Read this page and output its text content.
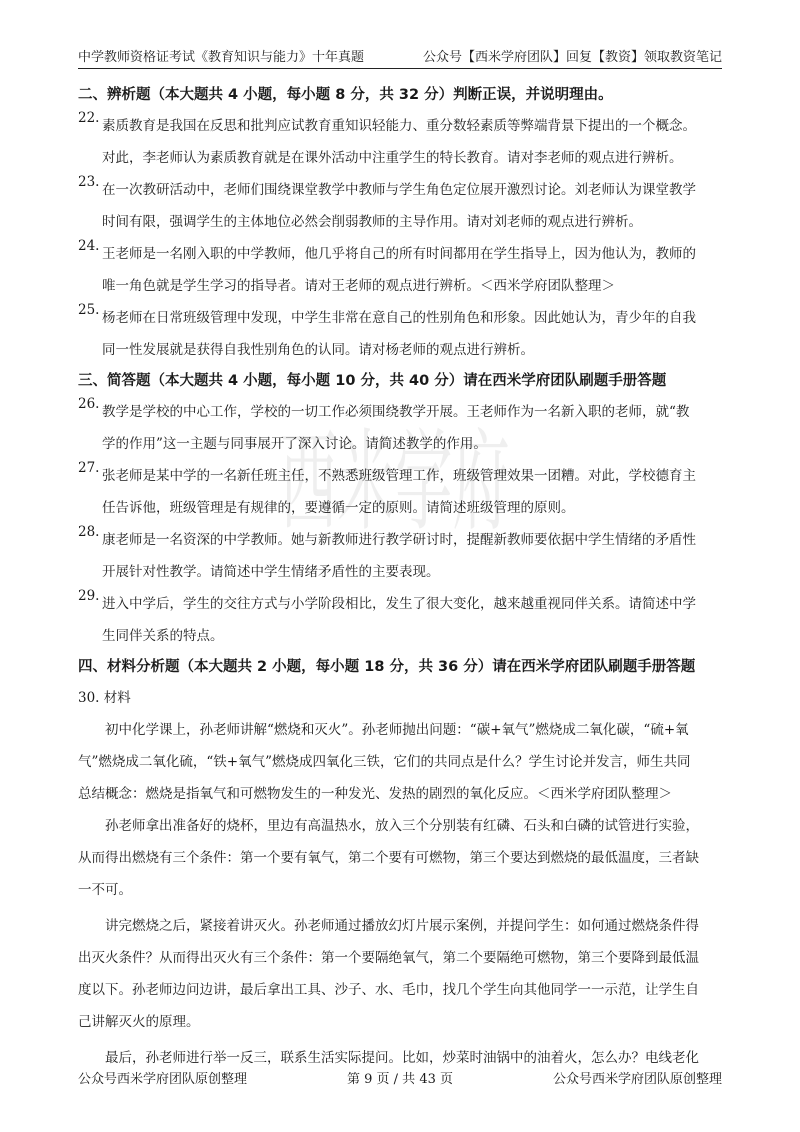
中学教师资格证考试《教育知识与能力》十年真题	公众号【西米学府团队】回复【教资】领取教资笔记
西米学府
二、辨析题（本大题共 4 小题，每小题 8 分，共 32 分）判断正误，并说明理由。
22. 素质教育是我国在反思和批判应试教育重知识轻能力、重分数轻素质等弊端背景下提出的一个概念。
对此，李老师认为素质教育就是在课外活动中注重学生的特长教育。请对李老师的观点进行辨析。
23. 在一次教研活动中，老师们围绕课堂教学中教师与学生角色定位展开激烈讨论。刘老师认为课堂教学
时间有限，强调学生的主体地位必然会削弱教师的主导作用。请对刘老师的观点进行辨析。
24. 王老师是一名刚入职的中学教师，他几乎将自己的所有时间都用在学生指导上，因为他认为，教师的
唯一角色就是学生学习的指导者。请对王老师的观点进行辨析。＜西米学府团队整理＞
25. 杨老师在日常班级管理中发现，中学生非常在意自己的性别角色和形象。因此她认为，青少年的自我
同一性发展就是获得自我性别角色的认同。请对杨老师的观点进行辨析。
三、简答题（本大题共 4 小题，每小题 10 分，共 40 分）请在西米学府团队刷题手册答题
26. 教学是学校的中心工作，学校的一切工作必须围绕教学开展。王老师作为一名新入职的老师，就“教
学的作用”这一主题与同事展开了深入讨论。请简述教学的作用。
27. 张老师是某中学的一名新任班主任，不熟悉班级管理工作，班级管理效果一团糟。对此，学校德育主
任告诉他，班级管理是有规律的，要遵循一定的原则。请简述班级管理的原则。
28. 康老师是一名资深的中学教师。她与新教师进行教学研讨时，提醒新教师要依据中学生情绪的矛盾性
开展针对性教学。请简述中学生情绪矛盾性的主要表现。
29. 进入中学后，学生的交往方式与小学阶段相比，发生了很大变化，越来越重视同伴关系。请简述中学
生同伴关系的特点。
四、材料分析题（本大题共 2 小题，每小题 18 分，共 36 分）请在西米学府团队刷题手册答题
30. 材料
初中化学课上，孙老师讲解“燃烧和灭火”。孙老师抛出问题：“碳+氧气”燃烧成二氧化碳，“硫+氧
气”燃烧成二氧化硫，“铁+氧气”燃烧成四氧化三铁，它们的共同点是什么？学生讨论并发言，师生共同
总结概念：燃烧是指氧气和可燃物发生的一种发光、发热的剧烈的氧化反应。＜西米学府团队整理＞
孙老师拿出准备好的烧杯，里边有高温热水，放入三个分别装有红磷、石头和白磷的试管进行实验，
从而得出燃烧有三个条件：第一个要有氧气，第二个要有可燃物，第三个要达到燃烧的最低温度，三者缺
一不可。
讲完燃烧之后，紧接着讲灭火。孙老师通过播放幻灯片展示案例，并提问学生：如何通过燃烧条件得
出灭火条件？从而得出灭火有三个条件：第一个要隔绝氧气，第二个要隔绝可燃物，第三个要降到最低温
度以下。孙老师边问边讲，最后拿出工具、沙子、水、毛巾，找几个学生向其他同学一一示范，让学生自
己讲解灭火的原理。
最后，孙老师进行举一反三，联系生活实际提问。比如，炒菜时油锅中的油着火，怎么办？电线老化
公众号西米学府团队原创整理	第 9 页 / 共 43 页	公众号西米学府团队原创整理
